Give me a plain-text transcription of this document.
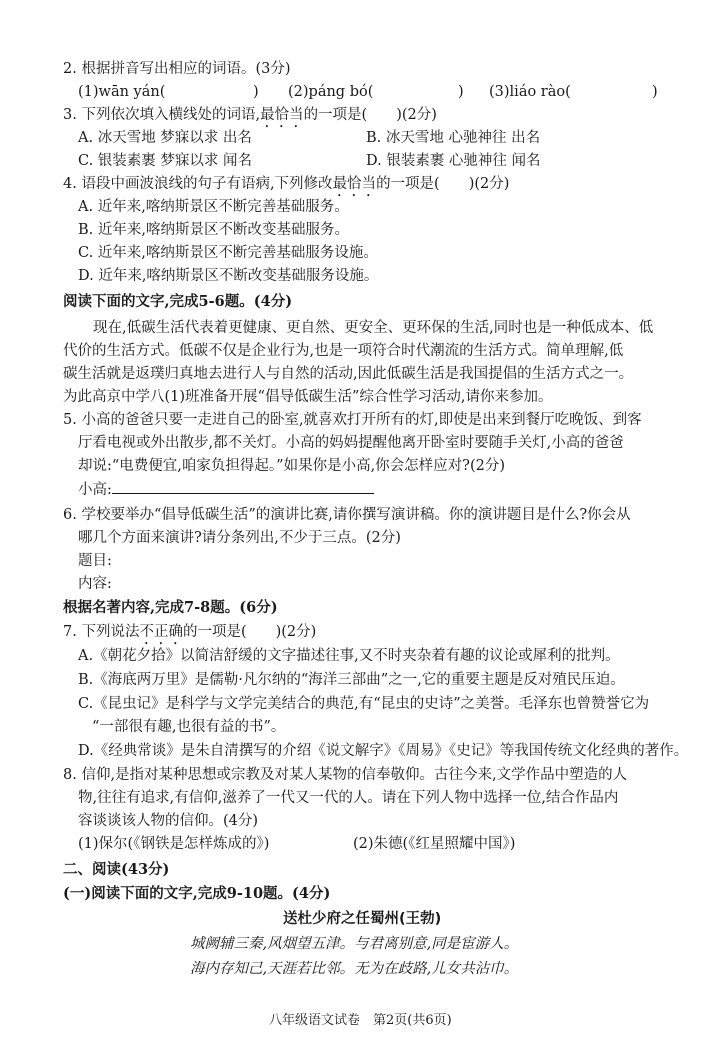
2. 根据拼音写出相应的词语。(3分)
(1)wān yán(	) (2)páng bó(	) (3)liáo rào(	)
3. 下列依次填入横线处的词语,最恰当的一项是(　　)(2分)
A. 冰天雪地 梦寐以求 出名	B. 冰天雪地 心驰神往 出名
C. 银装素裹 梦寐以求 闻名	D. 银装素裹 心驰神往 闻名
4. 语段中画波浪线的句子有语病,下列修改最恰当的一项是(　　)(2分)
A. 近年来,喀纳斯景区不断完善基础服务。
B. 近年来,喀纳斯景区不断改变基础服务。
C. 近年来,喀纳斯景区不断完善基础服务设施。
D. 近年来,喀纳斯景区不断改变基础服务设施。
阅读下面的文字,完成5-6题。(4分)
现在,低碳生活代表着更健康、更自然、更安全、更环保的生活,同时也是一种低成本、低
代价的生活方式。低碳不仅是企业行为,也是一项符合时代潮流的生活方式。简单理解,低
碳生活就是返璞归真地去进行人与自然的活动,因此低碳生活是我国提倡的生活方式之一。
为此高京中学八(1)班准备开展“倡导低碳生活”综合性学习活动,请你来参加。
5. 小高的爸爸只要一走进自己的卧室,就喜欢打开所有的灯,即使是出来到餐厅吃晚饭、到客
厅看电视或外出散步,都不关灯。小高的妈妈提醒他离开卧室时要随手关灯,小高的爸爸
却说:“电费便宜,咱家负担得起。”如果你是小高,你会怎样应对?(2分)
小高:
6. 学校要举办“倡导低碳生活”的演讲比赛,请你撰写演讲稿。你的演讲题目是什么?你会从
哪几个方面来演讲?请分条列出,不少于三点。(2分)
题目:
内容:
根据名著内容,完成7-8题。(6分)
7. 下列说法不正确的一项是(　　)(2分)
A.《朝花夕拾》以简洁舒缓的文字描述往事,又不时夹杂着有趣的议论或犀利的批判。
B.《海底两万里》是儒勒·凡尔纳的“海洋三部曲”之一,它的重要主题是反对殖民压迫。
C.《昆虫记》是科学与文学完美结合的典范,有“昆虫的史诗”之美誉。毛泽东也曾赞誉它为
“一部很有趣,也很有益的书”。
D.《经典常谈》是朱自清撰写的介绍《说文解字》《周易》《史记》等我国传统文化经典的著作。
8. 信仰,是指对某种思想或宗教及对某人某物的信奉敬仰。古往今来,文学作品中塑造的人
物,往往有追求,有信仰,滋养了一代又一代的人。请在下列人物中选择一位,结合作品内
容谈谈该人物的信仰。(4分)
(1)保尔(《钢铁是怎样炼成的》)	(2)朱德(《红星照耀中国》)
二、阅读(43分)
(一)阅读下面的文字,完成9-10题。(4分)
送杜少府之任蜀州(王勃)
城阙辅三秦,风烟望五津。与君离别意,同是宦游人。
海内存知己,天涯若比邻。无为在歧路,儿女共沾巾。
八年级语文试卷　第2页(共6页)
